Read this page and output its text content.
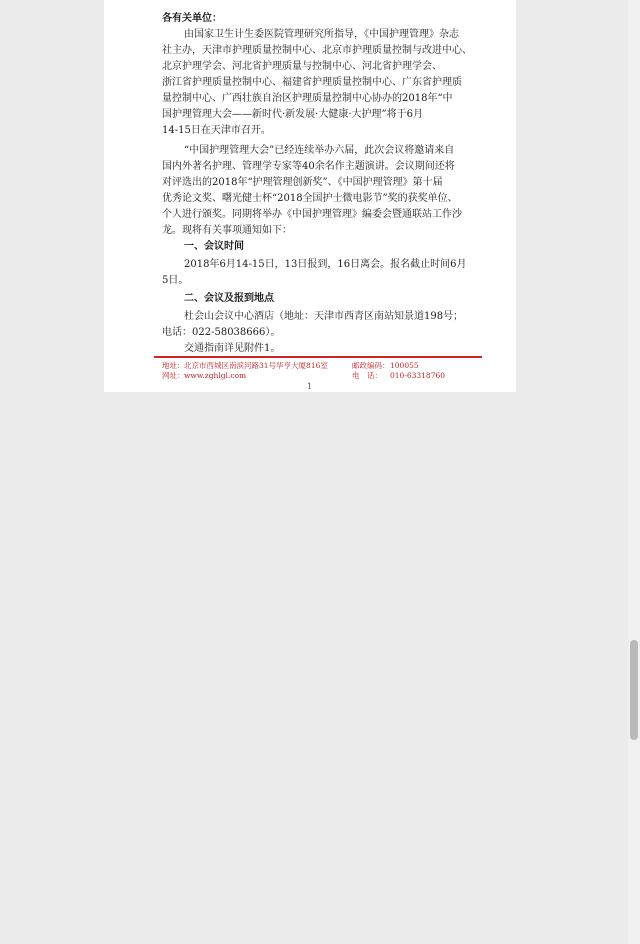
各有关单位：
由国家卫生计生委医院管理研究所指导，《中国护理管理》杂志
社主办，天津市护理质量控制中心、北京市护理质量控制与改进中心、
北京护理学会、河北省护理质量与控制中心、河北省护理学会、
浙江省护理质量控制中心、福建省护理质量控制中心、广东省护理质
量控制中心、广西壮族自治区护理质量控制中心协办的2018年“中
国护理管理大会——新时代·新发展·大健康·大护理”将于6月
14-15日在天津市召开。
“中国护理管理大会”已经连续举办六届，此次会议将邀请来自
国内外著名护理、管理学专家等40余名作主题演讲。会议期间还将
对评选出的2018年“护理管理创新奖”、《中国护理管理》第十届
优秀论文奖、曙光健士杯“2018全国护士微电影节”奖的获奖单位、
个人进行颁奖。同期将举办《中国护理管理》编委会暨通联站工作沙
龙。现将有关事项通知如下：
一、会议时间
2018年6月14-15日，13日报到，16日离会。报名截止时间6月
5日。
二、会议及报到地点
杜会山会议中心酒店（地址：天津市西青区南站知景道198号；
电话：022-58038666）。
交通指南详见附件1。
地址： 北京市西城区南滨河路31号华亨大厦816室	邮政编码： 100055
网址： www.zghlgl.com	电　话： 010-63318760
1
